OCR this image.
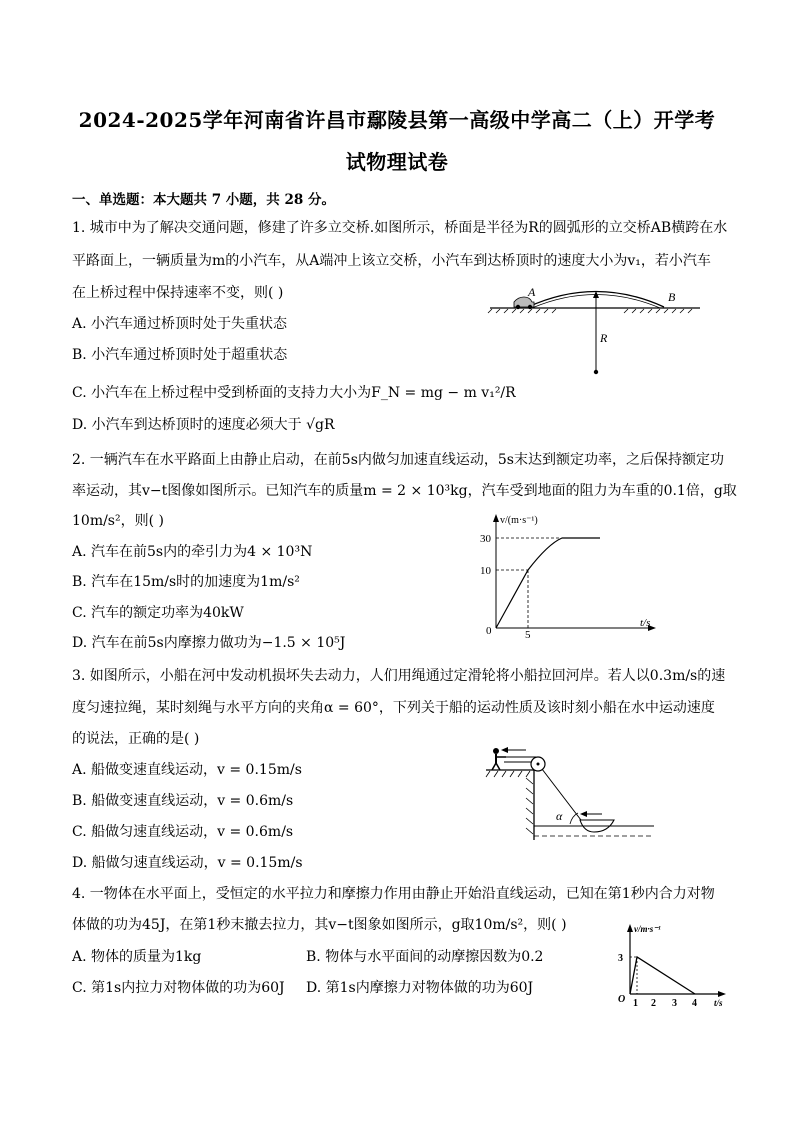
2024-2025学年河南省许昌市鄢陵县第一高级中学高二（上）开学考
试物理试卷
一、单选题：本大题共 7 小题，共 28 分。
1. 城市中为了解决交通问题，修建了许多立交桥.如图所示，桥面是半径为R的圆弧形的立交桥AB横跨在水
平路面上，一辆质量为m的小汽车，从A端冲上该立交桥，小汽车到达桥顶时的速度大小为v₁，若小汽车
在上桥过程中保持速率不变，则( )
A. 小汽车通过桥顶时处于失重状态
B. 小汽车通过桥顶时处于超重状态
C. 小汽车在上桥过程中受到桥面的支持力大小为F_N = mg − m v₁²/R
D. 小汽车到达桥顶时的速度必须大于 √gR
A	B
R
2. 一辆汽车在水平路面上由静止启动，在前5s内做匀加速直线运动，5s末达到额定功率，之后保持额定功
率运动，其v−t图像如图所示。已知汽车的质量m = 2 × 10³kg，汽车受到地面的阻力为车重的0.1倍，g取
10m/s²，则( )
A. 汽车在前5s内的牵引力为4 × 10³N
B. 汽车在15m/s时的加速度为1m/s²
C. 汽车的额定功率为40kW
D. 汽车在前5s内摩擦力做功为−1.5 × 10⁵J
v/(m·s⁻¹)
t/s
30
10
5
0
3. 如图所示，小船在河中发动机损坏失去动力，人们用绳通过定滑轮将小船拉回河岸。若人以0.3m/s的速
度匀速拉绳，某时刻绳与水平方向的夹角α = 60°，下列关于船的运动性质及该时刻小船在水中运动速度
的说法，正确的是( )
A. 船做变速直线运动，v = 0.15m/s
B. 船做变速直线运动，v = 0.6m/s
C. 船做匀速直线运动，v = 0.6m/s
D. 船做匀速直线运动，v = 0.15m/s
α
4. 一物体在水平面上，受恒定的水平拉力和摩擦力作用由静止开始沿直线运动，已知在第1秒内合力对物
体做的功为45J，在第1秒末撤去拉力，其v−t图象如图所示，g取10m/s²，则( )
A. 物体的质量为1kg	B. 物体与水平面间的动摩擦因数为0.2
C. 第1s内拉力对物体做的功为60J D. 第1s内摩擦力对物体做的功为60J
v/m·s⁻¹
t/s
3
O 1 2 3 4
